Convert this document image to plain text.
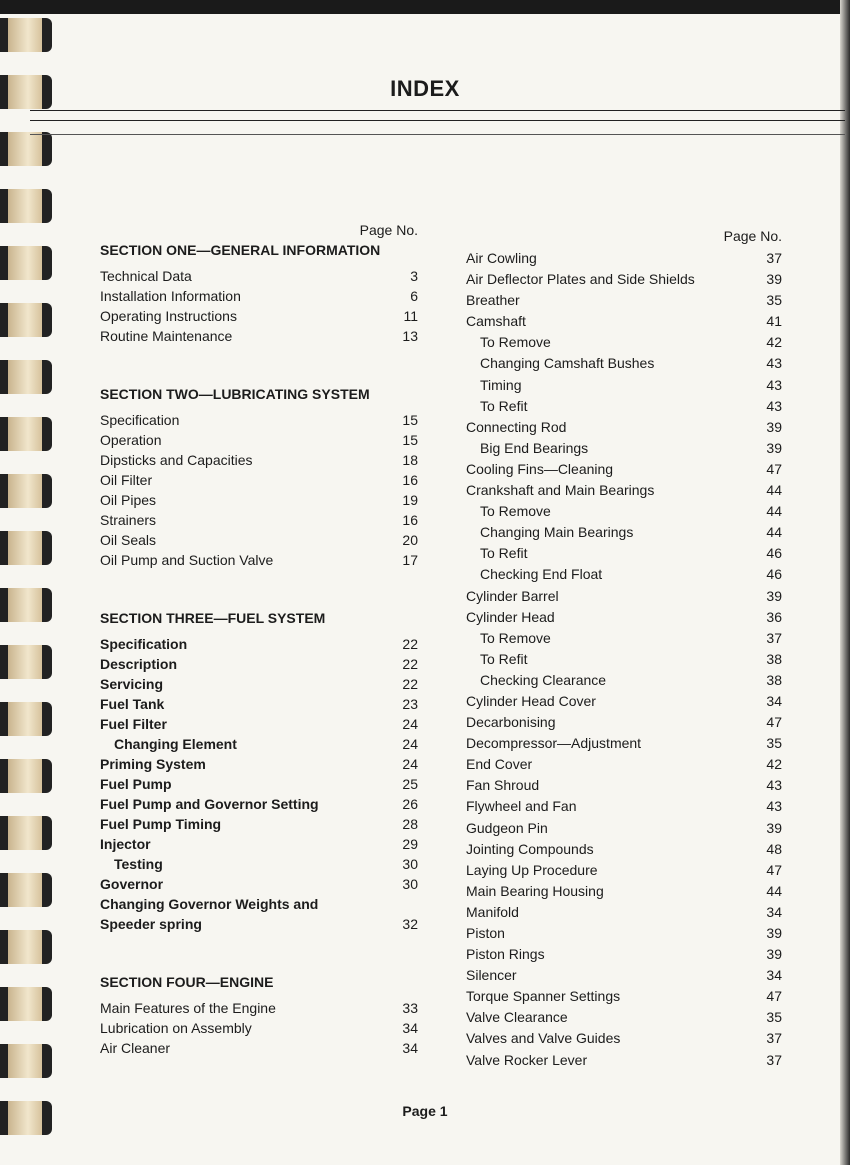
INDEX
Page No.
SECTION ONE—GENERAL INFORMATION
Technical Data	3
Installation Information	6
Operating Instructions	11
Routine Maintenance	13
SECTION TWO—LUBRICATING SYSTEM
Specification	15
Operation	15
Dipsticks and Capacities	18
Oil Filter	16
Oil Pipes	19
Strainers	16
Oil Seals	20
Oil Pump and Suction Valve	17
SECTION THREE—FUEL SYSTEM
Specification	22
Description	22
Servicing	22
Fuel Tank	23
Fuel Filter	24
Changing Element	24
Priming System	24
Fuel Pump	25
Fuel Pump and Governor Setting	26
Fuel Pump Timing	28
Injector	29
Testing	30
Governor	30
Changing Governor Weights and Speeder spring	32
SECTION FOUR—ENGINE
Main Features of the Engine	33
Lubrication on Assembly	34
Air Cleaner	34
Page No.
Air Cowling	37
Air Deflector Plates and Side Shields	39
Breather	35
Camshaft	41
To Remove	42
Changing Camshaft Bushes	43
Timing	43
To Refit	43
Connecting Rod	39
Big End Bearings	39
Cooling Fins—Cleaning	47
Crankshaft and Main Bearings	44
To Remove	44
Changing Main Bearings	44
To Refit	46
Checking End Float	46
Cylinder Barrel	39
Cylinder Head	36
To Remove	37
To Refit	38
Checking Clearance	38
Cylinder Head Cover	34
Decarbonising	47
Decompressor—Adjustment	35
End Cover	42
Fan Shroud	43
Flywheel and Fan	43
Gudgeon Pin	39
Jointing Compounds	48
Laying Up Procedure	47
Main Bearing Housing	44
Manifold	34
Piston	39
Piston Rings	39
Silencer	34
Torque Spanner Settings	47
Valve Clearance	35
Valves and Valve Guides	37
Valve Rocker Lever	37
Page 1
